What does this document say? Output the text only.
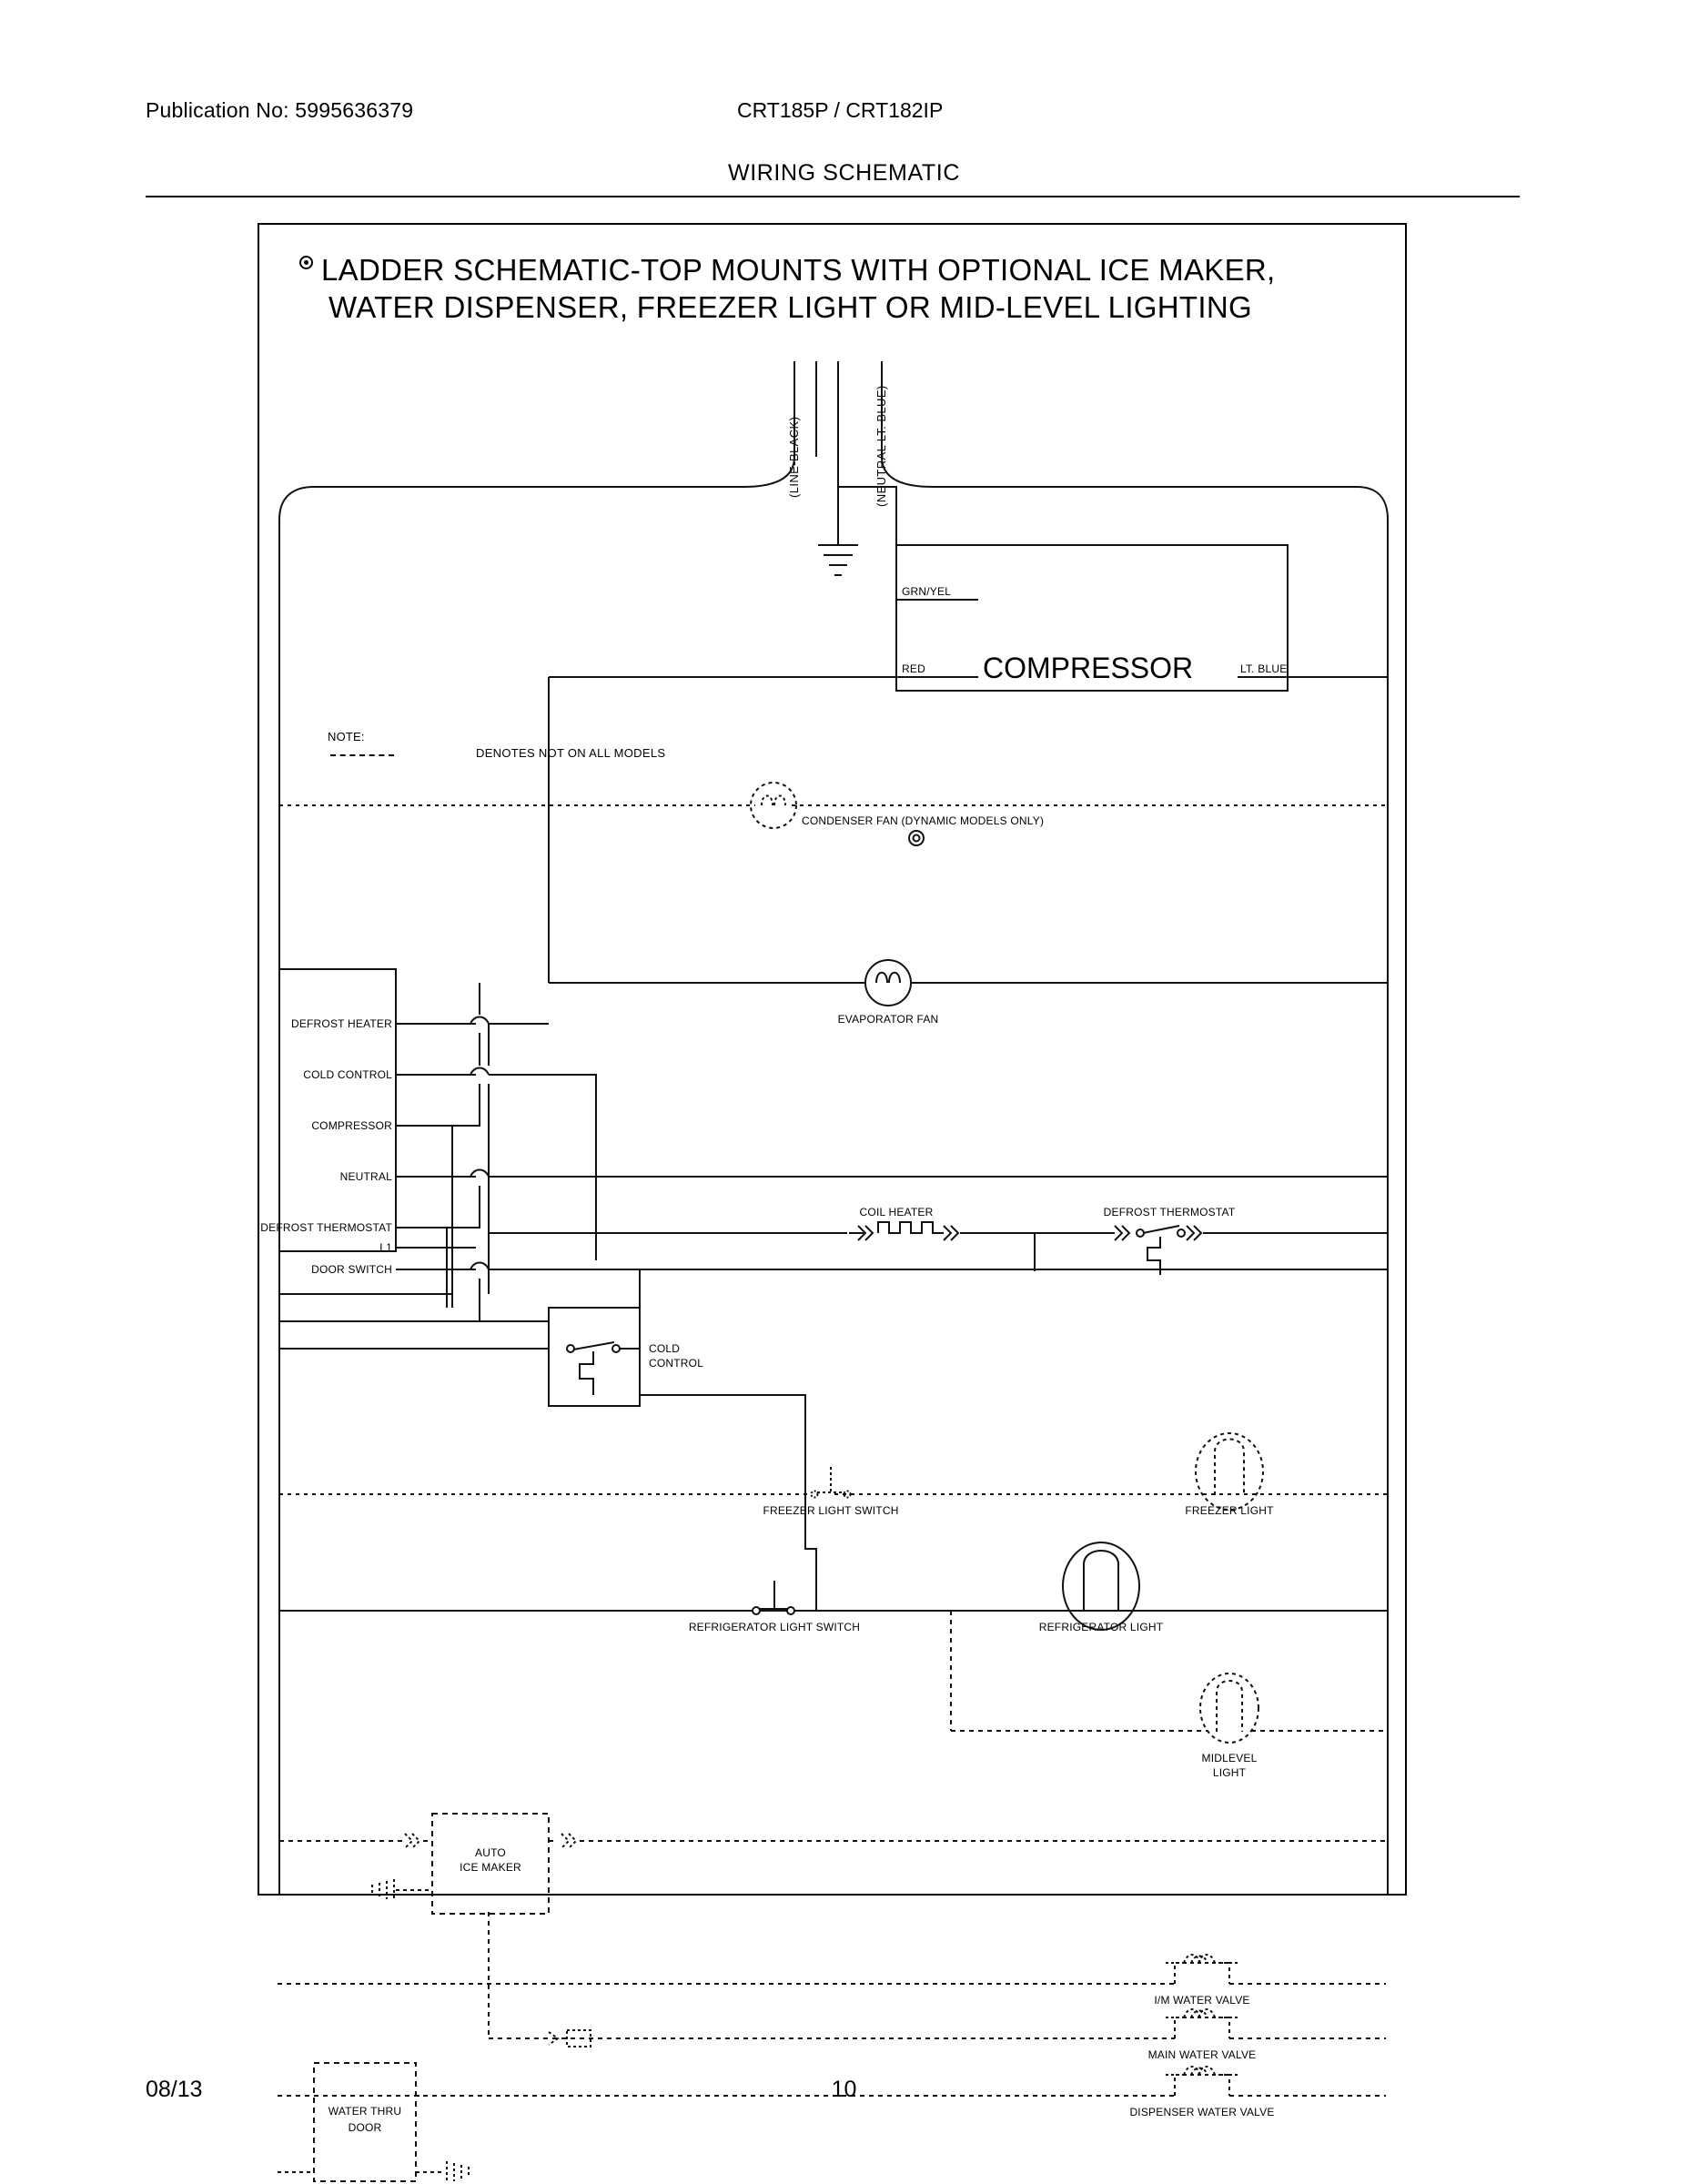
Publication No: 5995636379	CRT185P / CRT182IP
WIRING SCHEMATIC
LADDER SCHEMATIC-TOP MOUNTS WITH OPTIONAL ICE MAKER,
WATER DISPENSER, FREEZER LIGHT OR MID-LEVEL LIGHTING
NOTE:
DENOTES NOT ON ALL MODELS
(LINE-BLACK)	(NEUTRAL LT. BLUE)
COMPRESSOR
GRN/YEL
RED	LT. BLUE
CONDENSER FAN (DYNAMIC MODELS ONLY)
EVAPORATOR FAN
COIL HEATER	DEFROST THERMOSTAT
COLD
CONTROL
FREEZER LIGHT SWITCH	FREEZER LIGHT
REFRIGERATOR LIGHT SWITCH	REFRIGERATOR LIGHT
MIDLEVEL
LIGHT
AUTO
ICE MAKER
DEFROST HEATER
COLD CONTROL
COMPRESSOR
NEUTRAL
DEFROST THERMOSTAT
L1
DOOR SWITCH
I/M WATER VALVE
MAIN WATER VALVE
DISPENSER WATER VALVE
WATER THRU
DOOR
08/13	10
